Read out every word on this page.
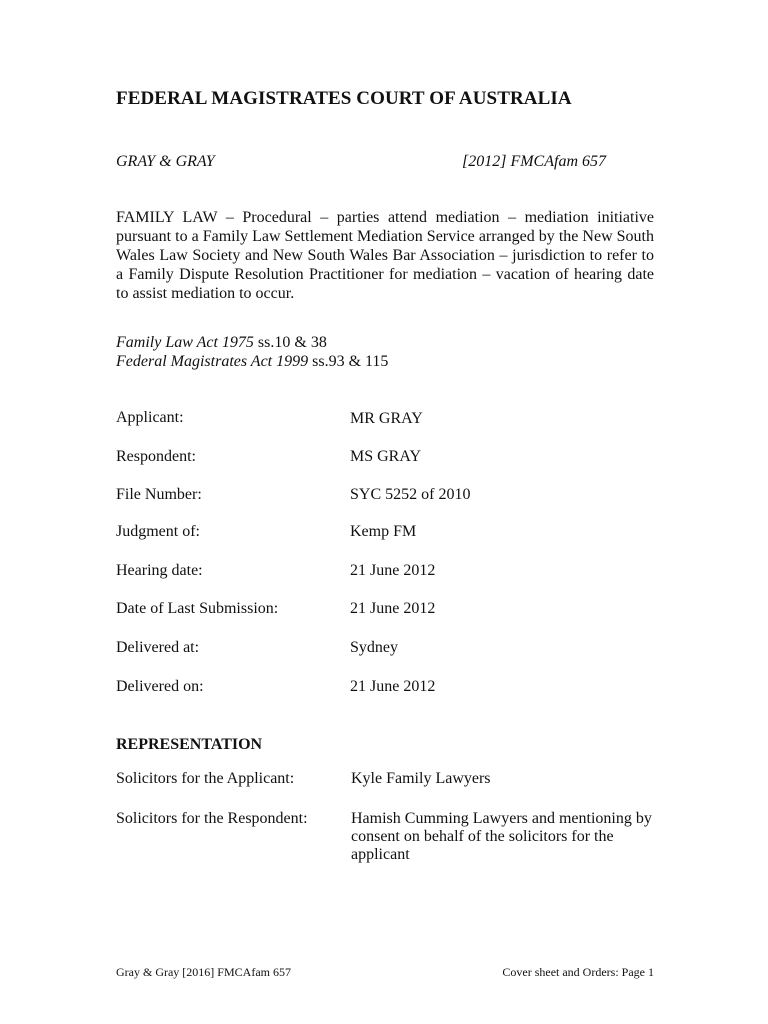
FEDERAL MAGISTRATES COURT OF AUSTRALIA
GRAY & GRAY	[2012] FMCAfam 657
FAMILY LAW – Procedural – parties attend mediation – mediation initiative pursuant to a Family Law Settlement Mediation Service arranged by the New South Wales Law Society and New South Wales Bar Association – jurisdiction to refer to a Family Dispute Resolution Practitioner for mediation – vacation of hearing date to assist mediation to occur.
Family Law Act 1975 ss.10 & 38
Federal Magistrates Act 1999 ss.93 & 115
Applicant:	MR GRAY
Respondent:	MS GRAY
File Number:	SYC 5252 of 2010
Judgment of:	Kemp FM
Hearing date:	21 June 2012
Date of Last Submission:	21 June 2012
Delivered at:	Sydney
Delivered on:	21 June 2012
REPRESENTATION
Solicitors for the Applicant:	Kyle Family Lawyers
Solicitors for the Respondent:	Hamish Cumming Lawyers and mentioning by consent on behalf of the solicitors for the applicant
Gray & Gray [2016] FMCAfam 657	Cover sheet and Orders: Page 1
